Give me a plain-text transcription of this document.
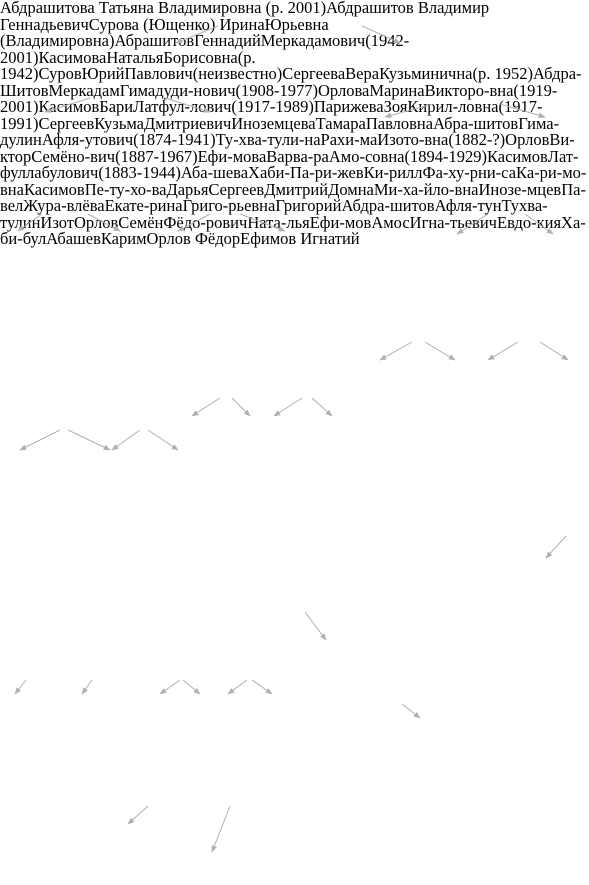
Абдрашитова Татьяна Владимировна (р. 2001)Абдрашитов Владимир ГеннадьевичСурова (Ющенко) ИринаЮрьевна (Владимировна)АбрашитовГеннадийМеркадамович(1942-2001)КасимоваНатальяБорисовна(р. 1942)СуровЮрийПавлович(неизвестно)СергееваВераКузьминична(р. 1952)Абдра-ШитовМеркадамГимадуди-нович(1908-1977)ОрловаМаринаВикторо-вна(1919-2001)КасимовБариЛатфул-лович(1917-1989)ПарижеваЗояКирил-ловна(1917-1991)СергеевКузьмаДмитриевичИноземцеваТамараПавловнаАбра-шитовГима-дулинАфля-утович(1874-1941)Ту-хва-тули-наРахи-маИзото-вна(1882-?)ОрловВи-кторСемёно-вич(1887-1967)Ефи-моваВарва-раАмо-совна(1894-1929)КасимовЛат-фуллабулович(1883-1944)Аба-шеваХаби-Па-ри-жевКи-риллФа-ху-рни-саКа-ри-мо-внаКасимовПе-ту-хо-ваДарьяСергеевДмитрийДомнаМи-ха-йло-внаИнозе-мцевПа-велЖура-влёваЕкате-ринаГриго-рьевнаГригорийАбдра-шитовАфля-тунТухва-тулинИзотОрловСемёнФёдо-ровичНата-льяЕфи-мовАмосИгна-тьевичЕвдо-кияХа-би-булАбашевКаримОрлов ФёдорЕфимов Игнатий
